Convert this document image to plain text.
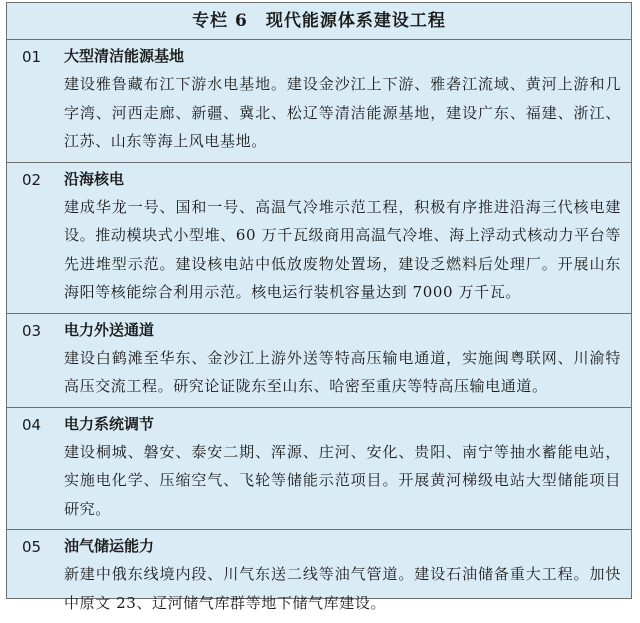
专栏 6　现代能源体系建设工程
01 大型清洁能源基地
建设雅鲁藏布江下游水电基地。建设金沙江上下游、雅砻江流域、黄河上游和几字湾、河西走廊、新疆、冀北、松辽等清洁能源基地，建设广东、福建、浙江、江苏、山东等海上风电基地。
02 沿海核电
建成华龙一号、国和一号、高温气冷堆示范工程，积极有序推进沿海三代核电建设。推动模块式小型堆、60 万千瓦级商用高温气冷堆、海上浮动式核动力平台等先进堆型示范。建设核电站中低放废物处置场，建设乏燃料后处理厂。开展山东海阳等核能综合利用示范。核电运行装机容量达到 7000 万千瓦。
03 电力外送通道
建设白鹤滩至华东、金沙江上游外送等特高压输电通道，实施闽粤联网、川渝特高压交流工程。研究论证陇东至山东、哈密至重庆等特高压输电通道。
04 电力系统调节
建设桐城、磐安、泰安二期、浑源、庄河、安化、贵阳、南宁等抽水蓄能电站，实施电化学、压缩空气、飞轮等储能示范项目。开展黄河梯级电站大型储能项目研究。
05 油气储运能力
新建中俄东线境内段、川气东送二线等油气管道。建设石油储备重大工程。加快中原文 23、辽河储气库群等地下储气库建设。
